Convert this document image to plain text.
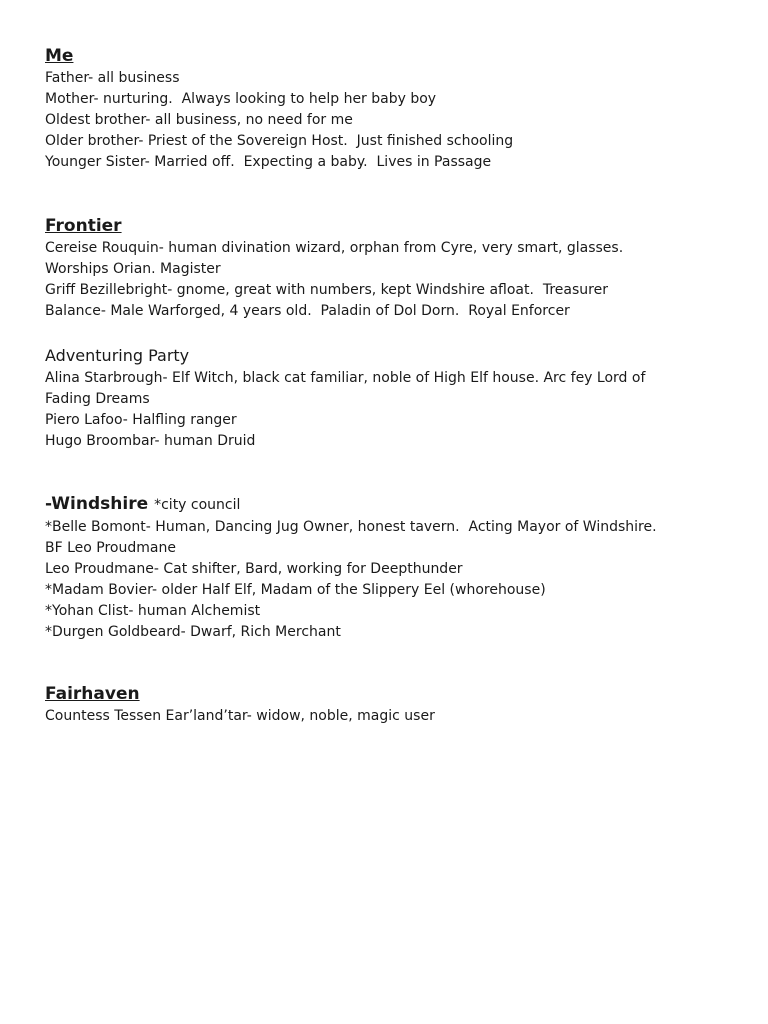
Me

Father- all business

Mother- nurturing.  Always looking to help her baby boy

Oldest brother- all business, no need for me

Older brother- Priest of the Sovereign Host.  Just finished schooling

Younger Sister- Married off.  Expecting a baby.  Lives in Passage

Frontier

Cereise Rouquin- human divination wizard, orphan from Cyre, very smart, glasses.

Worships Orian. Magister

Griff Bezillebright- gnome, great with numbers, kept Windshire afloat.  Treasurer

Balance- Male Warforged, 4 years old.  Paladin of Dol Dorn.  Royal Enforcer

Adventuring Party

Alina Starbrough- Elf Witch, black cat familiar, noble of High Elf house. Arc fey Lord of

Fading Dreams

Piero Lafoo- Halfling ranger

Hugo Broombar- human Druid

-Windshire *city council

*Belle Bomont- Human, Dancing Jug Owner, honest tavern.  Acting Mayor of Windshire.

BF Leo Proudmane

Leo Proudmane- Cat shifter, Bard, working for Deepthunder

*Madam Bovier- older Half Elf, Madam of the Slippery Eel (whorehouse)

*Yohan Clist- human Alchemist

*Durgen Goldbeard- Dwarf, Rich Merchant

Fairhaven

Countess Tessen Ear’land’tar- widow, noble, magic user
